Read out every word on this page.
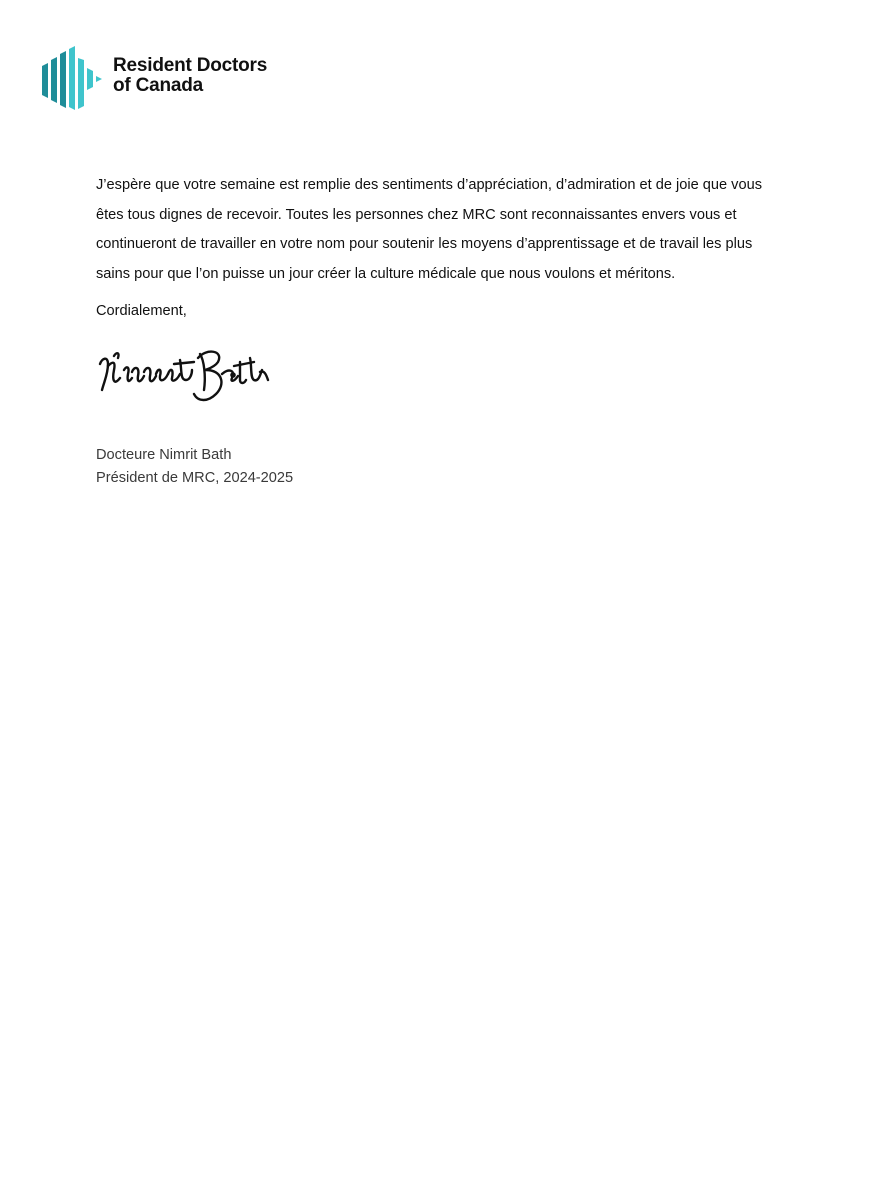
Resident Doctors
of Canada

J’espère que votre semaine est remplie des sentiments d’appréciation, d’admiration et de joie que vous êtes tous dignes de recevoir. Toutes les personnes chez MRC sont reconnaissantes envers vous et continueront de travailler en votre nom pour soutenir les moyens d’apprentissage et de travail les plus sains pour que l’on puisse un jour créer la culture médicale que nous voulons et méritons.

Cordialement,

Docteure Nimrit Bath
Président de MRC, 2024-2025
